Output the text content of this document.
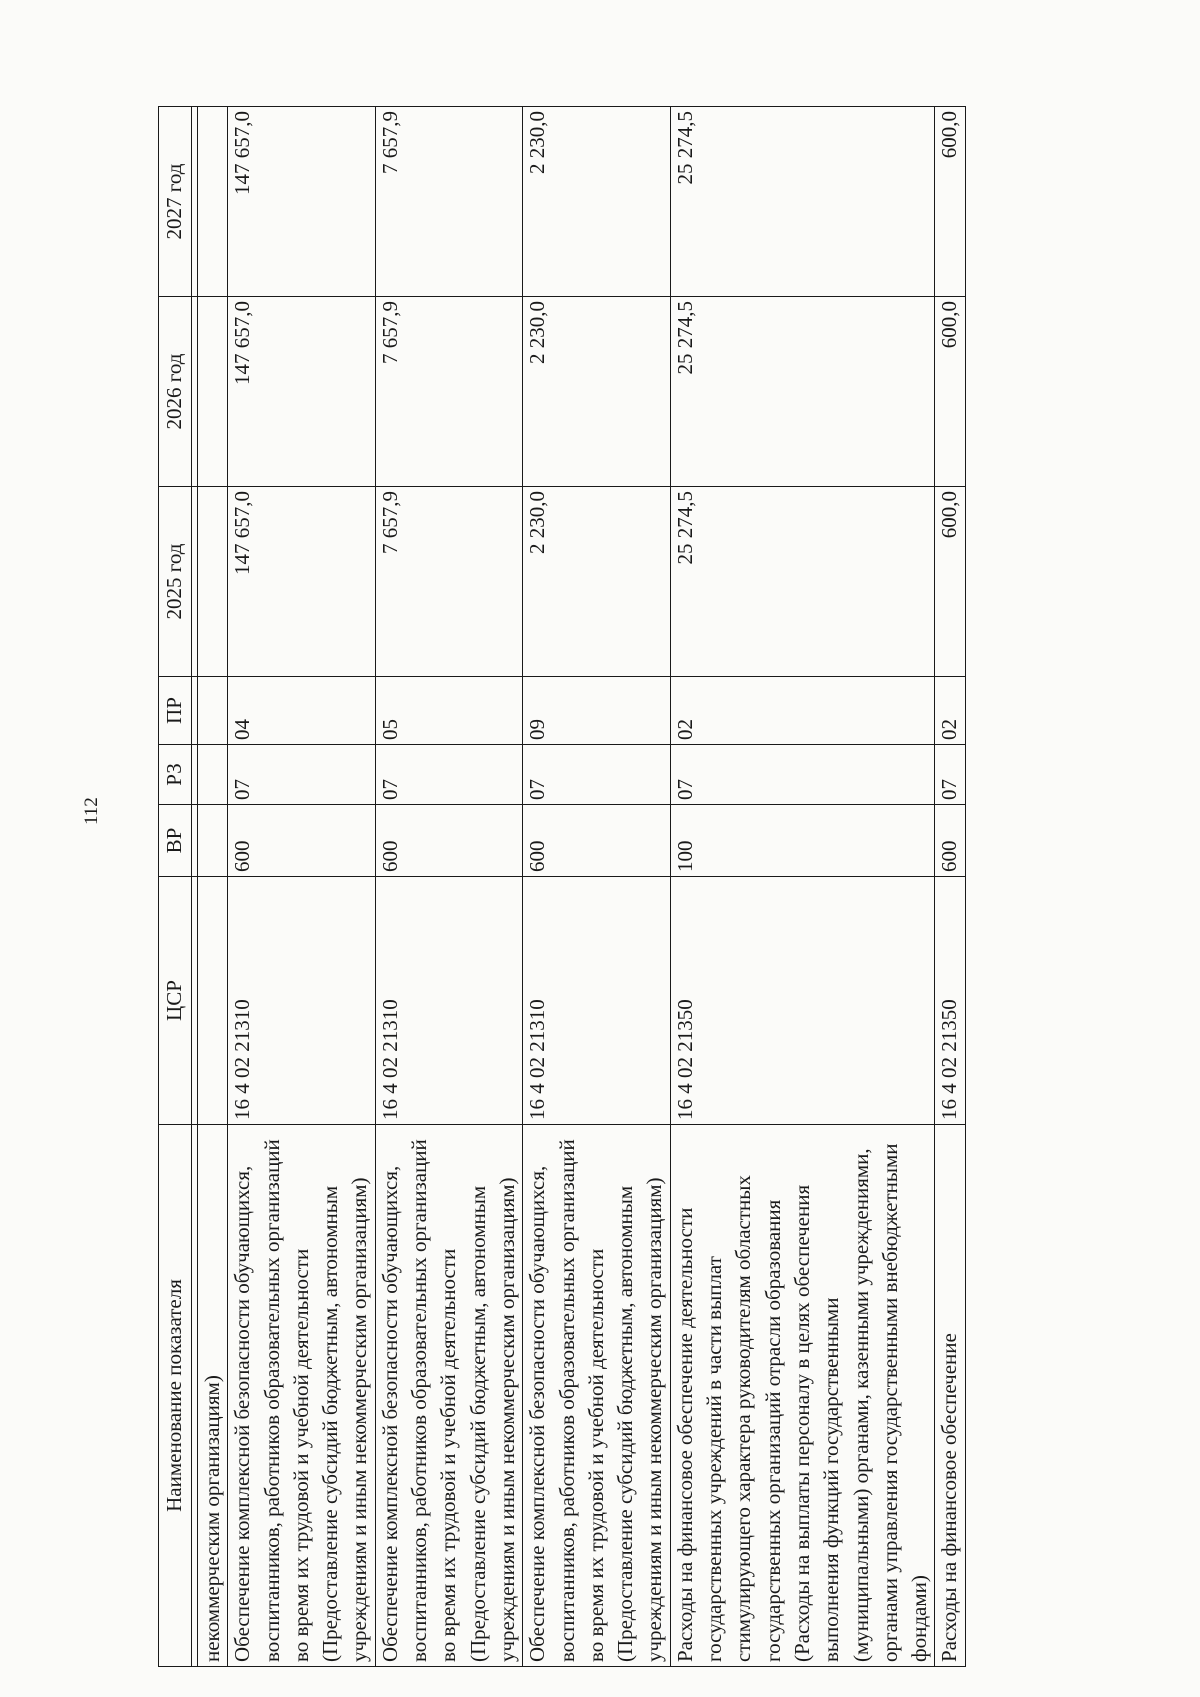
112
Наименование показателя	ЦСР	ВР	РЗ	ПР	2025 год	2026 год	2027 год

некоммерческим организациям)							
Обеспечение комплексной безопасности обучающихся, воспитанников, работников образовательных организаций во время их трудовой и учебной деятельности (Предоставление субсидий бюджетным, автономным учреждениям и иным некоммерческим организациям)	16 4 02 21310	600	07	04	147 657,0	147 657,0	147 657,0
Обеспечение комплексной безопасности обучающихся, воспитанников, работников образовательных организаций во время их трудовой и учебной деятельности (Предоставление субсидий бюджетным, автономным учреждениям и иным некоммерческим организациям)	16 4 02 21310	600	07	05	7 657,9	7 657,9	7 657,9
Обеспечение комплексной безопасности обучающихся, воспитанников, работников образовательных организаций во время их трудовой и учебной деятельности (Предоставление субсидий бюджетным, автономным учреждениям и иным некоммерческим организациям)	16 4 02 21310	600	07	09	2 230,0	2 230,0	2 230,0
Расходы на финансовое обеспечение деятельности государственных учреждений в части выплат стимулирующего характера руководителям областных государственных организаций отрасли образования (Расходы на выплаты персоналу в целях обеспечения выполнения функций государственными (муниципальными) органами, казенными учреждениями, органами управления государственными внебюджетными фондами)	16 4 02 21350	100	07	02	25 274,5	25 274,5	25 274,5
Расходы на финансовое обеспечение	16 4 02 21350	600	07	02	600,0	600,0	600,0
